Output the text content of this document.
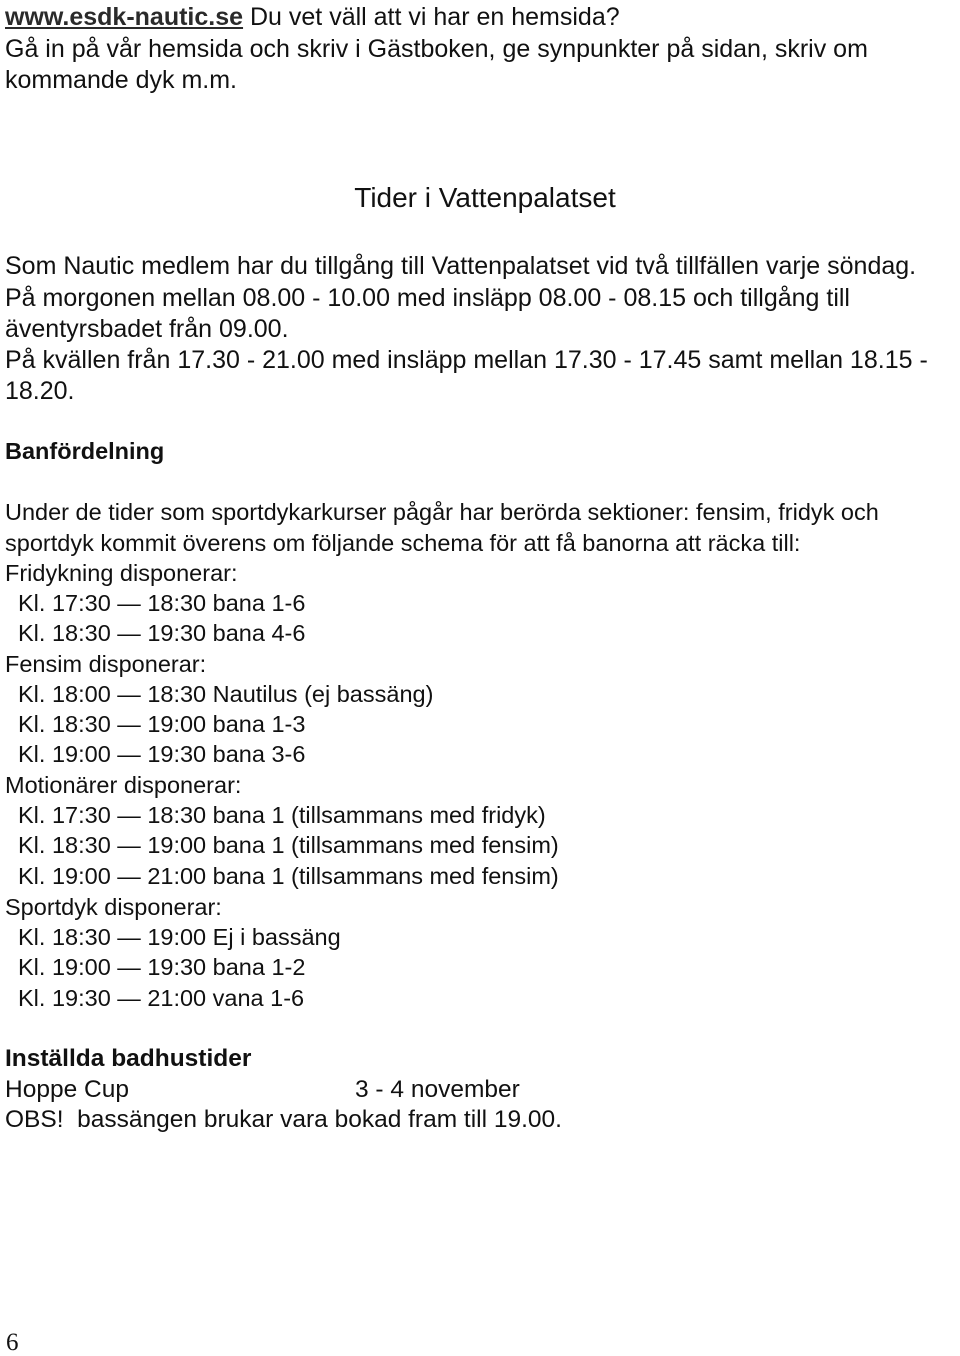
www.esdk-nautic.se Du vet väll att vi har en hemsida?
Gå in på vår hemsida och skriv i Gästboken, ge synpunkter på sidan, skriv om
kommande dyk m.m.
Tider i Vattenpalatset
Som Nautic medlem har du tillgång till Vattenpalatset vid två tillfällen varje söndag.
På morgonen mellan 08.00 - 10.00 med insläpp 08.00 - 08.15 och tillgång till
äventyrsbadet från 09.00.
På kvällen från 17.30 - 21.00 med insläpp mellan 17.30 - 17.45 samt mellan 18.15 -
18.20.
Banfördelning
Under de tider som sportdykarkurser pågår har berörda sektioner: fensim, fridyk och
sportdyk kommit överens om följande schema för att få banorna att räcka till:
Fridykning disponerar:
Kl. 17:30 — 18:30 bana 1-6
Kl. 18:30 — 19:30 bana 4-6
Fensim disponerar:
Kl. 18:00 — 18:30 Nautilus (ej bassäng)
Kl. 18:30 — 19:00 bana 1-3
Kl. 19:00 — 19:30 bana 3-6
Motionärer disponerar:
Kl. 17:30 — 18:30 bana 1 (tillsammans med fridyk)
Kl. 18:30 — 19:00 bana 1 (tillsammans med fensim)
Kl. 19:00 — 21:00 bana 1 (tillsammans med fensim)
Sportdyk disponerar:
Kl. 18:30 — 19:00 Ej i bassäng
Kl. 19:00 — 19:30 bana 1-2
Kl. 19:30 — 21:00 vana 1-6
Inställda badhustider
Hoppe Cup	3 - 4 november
OBS!  bassängen brukar vara bokad fram till 19.00.
6
